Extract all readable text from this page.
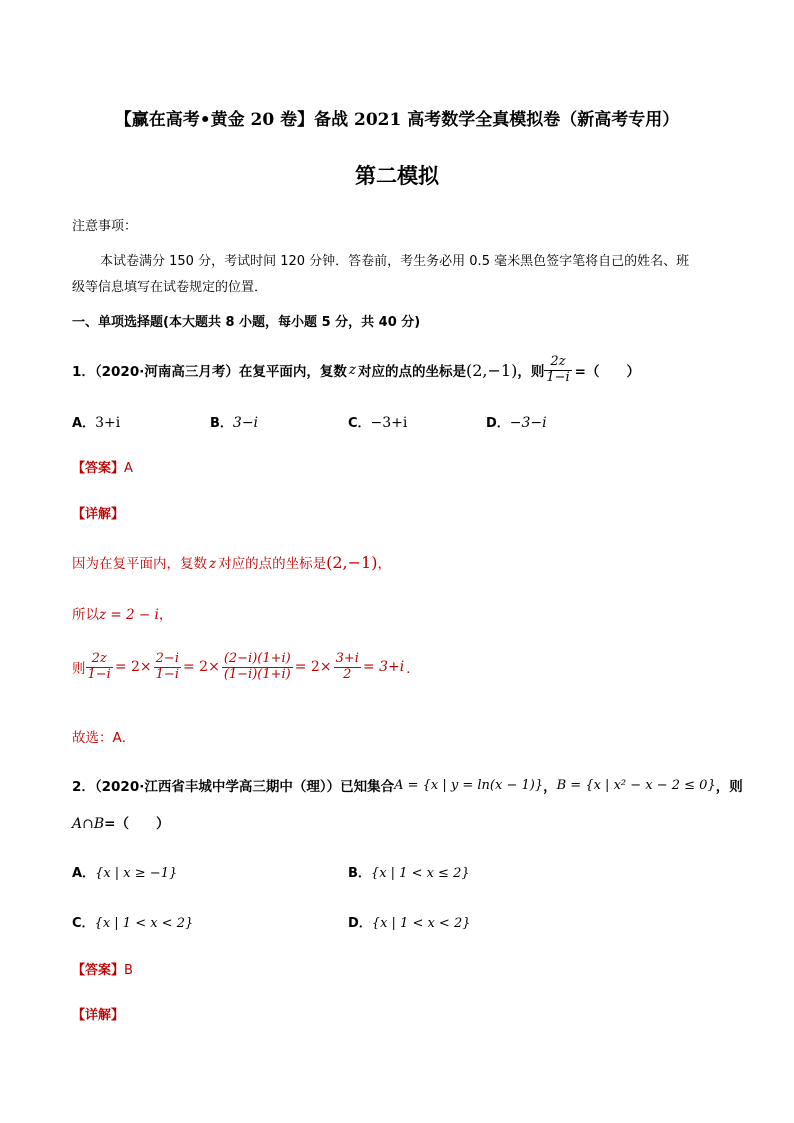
【赢在高考•黄金 20 卷】备战 2021 高考数学全真模拟卷（新高考专用）
第二模拟
注意事项：
本试卷满分 150 分，考试时间 120 分钟．答卷前，考生务必用 0.5 毫米黑色签字笔将自己的姓名、班
级等信息填写在试卷规定的位置．
一、单项选择题(本大题共 8 小题，每小题 5 分，共 40 分)
1．（2020·河南高三月考）在复平面内，复数 z 对应的点的坐标是 (2,−1) ，则 $\frac{2z}{1-i}$ =（　　）
A．3+i	B．3−i	C．−3+i	D．−3−i
【答案】A
【详解】
因为在复平面内，复数 z 对应的点的坐标是(2,−1)，
所以z = 2 − i，
则 $\frac{2z}{1-i} = 2\times \frac{2-i}{1-i} = 2\times \frac{(2-i)(1+i)}{(1-i)(1+i)} = 2\times \frac{3+i}{2} = 3+i$ ．
故选：A．
2．（2020·江西省丰城中学高三期中（理））已知集合 A = {x | y = ln(x − 1)} ， B = {x | x² − x − 2 ≤ 0} ，则
A∩B=（　　）
A．{x | x ≥ −1}	B．{x | 1 < x ≤ 2}
C．{x | 1 < x < 2}	D．{x | 1 < x < 2}
【答案】B
【详解】
